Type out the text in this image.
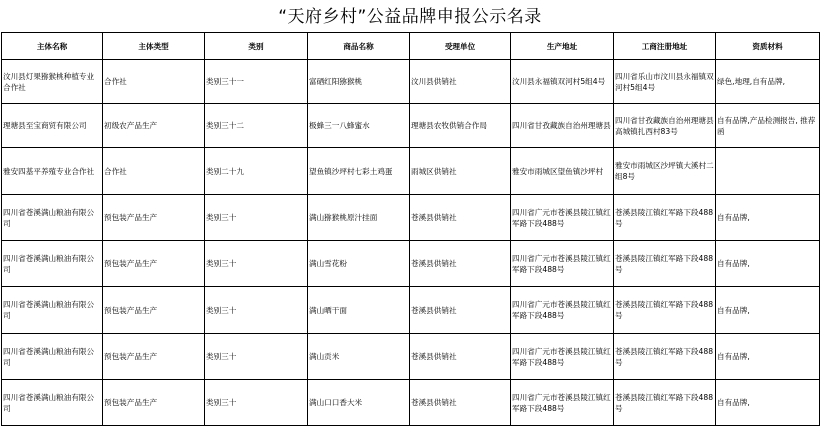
“天府乡村”公益品牌申报公示名录
主体名称	主体类型	类别	商品名称	受理单位	生产地址	工商注册地址	资质材料
汶川县灯果猕猴桃种植专业合作社	合作社	类别三十一	富硒红阳猕猴桃	汶川县供销社	汶川县永福镇双河村5组4号	四川省乐山市汶川县永福镇双河村5组4号	绿色,地理,自有品牌,
理塘县至宝商贸有限公司	初级农产品生产	类别三十二	极蜂三一八蜂蜜水	理塘县农牧供销合作局	四川省甘孜藏族自治州理塘县	四川省甘孜藏族自治州理塘县高城镇扎西村83号	自有品牌,产品检测报告, 推荐函
雅安四基平养殖专业合作社	合作社	类别二十九	望鱼镇沙坪村七彩土鸡蛋	雨城区供销社	雅安市雨城区望鱼镇沙坪村	雅安市雨城区沙坪镇大溪村二组8号	
四川省苍溪满山粮油有限公司	预包装产品生产	类别三十	满山猕猴桃原汁挂面	苍溪县供销社	四川省广元市苍溪县陵江镇红军路下段488号	苍溪县陵江镇红军路下段488号	自有品牌,
四川省苍溪满山粮油有限公司	预包装产品生产	类别三十	满山雪花粉	苍溪县供销社	四川省广元市苍溪县陵江镇红军路下段488号	苍溪县陵江镇红军路下段488号	自有品牌,
四川省苍溪满山粮油有限公司	预包装产品生产	类别三十	满山晒干面	苍溪县供销社	四川省广元市苍溪县陵江镇红军路下段488号	苍溪县陵江镇红军路下段488号	自有品牌,
四川省苍溪满山粮油有限公司	预包装产品生产	类别三十	满山贡米	苍溪县供销社	四川省广元市苍溪县陵江镇红军路下段488号	苍溪县陵江镇红军路下段488号	自有品牌,
四川省苍溪满山粮油有限公司	预包装产品生产	类别三十	满山口口香大米	苍溪县供销社	四川省广元市苍溪县陵江镇红军路下段488号	苍溪县陵江镇红军路下段488号	自有品牌,
